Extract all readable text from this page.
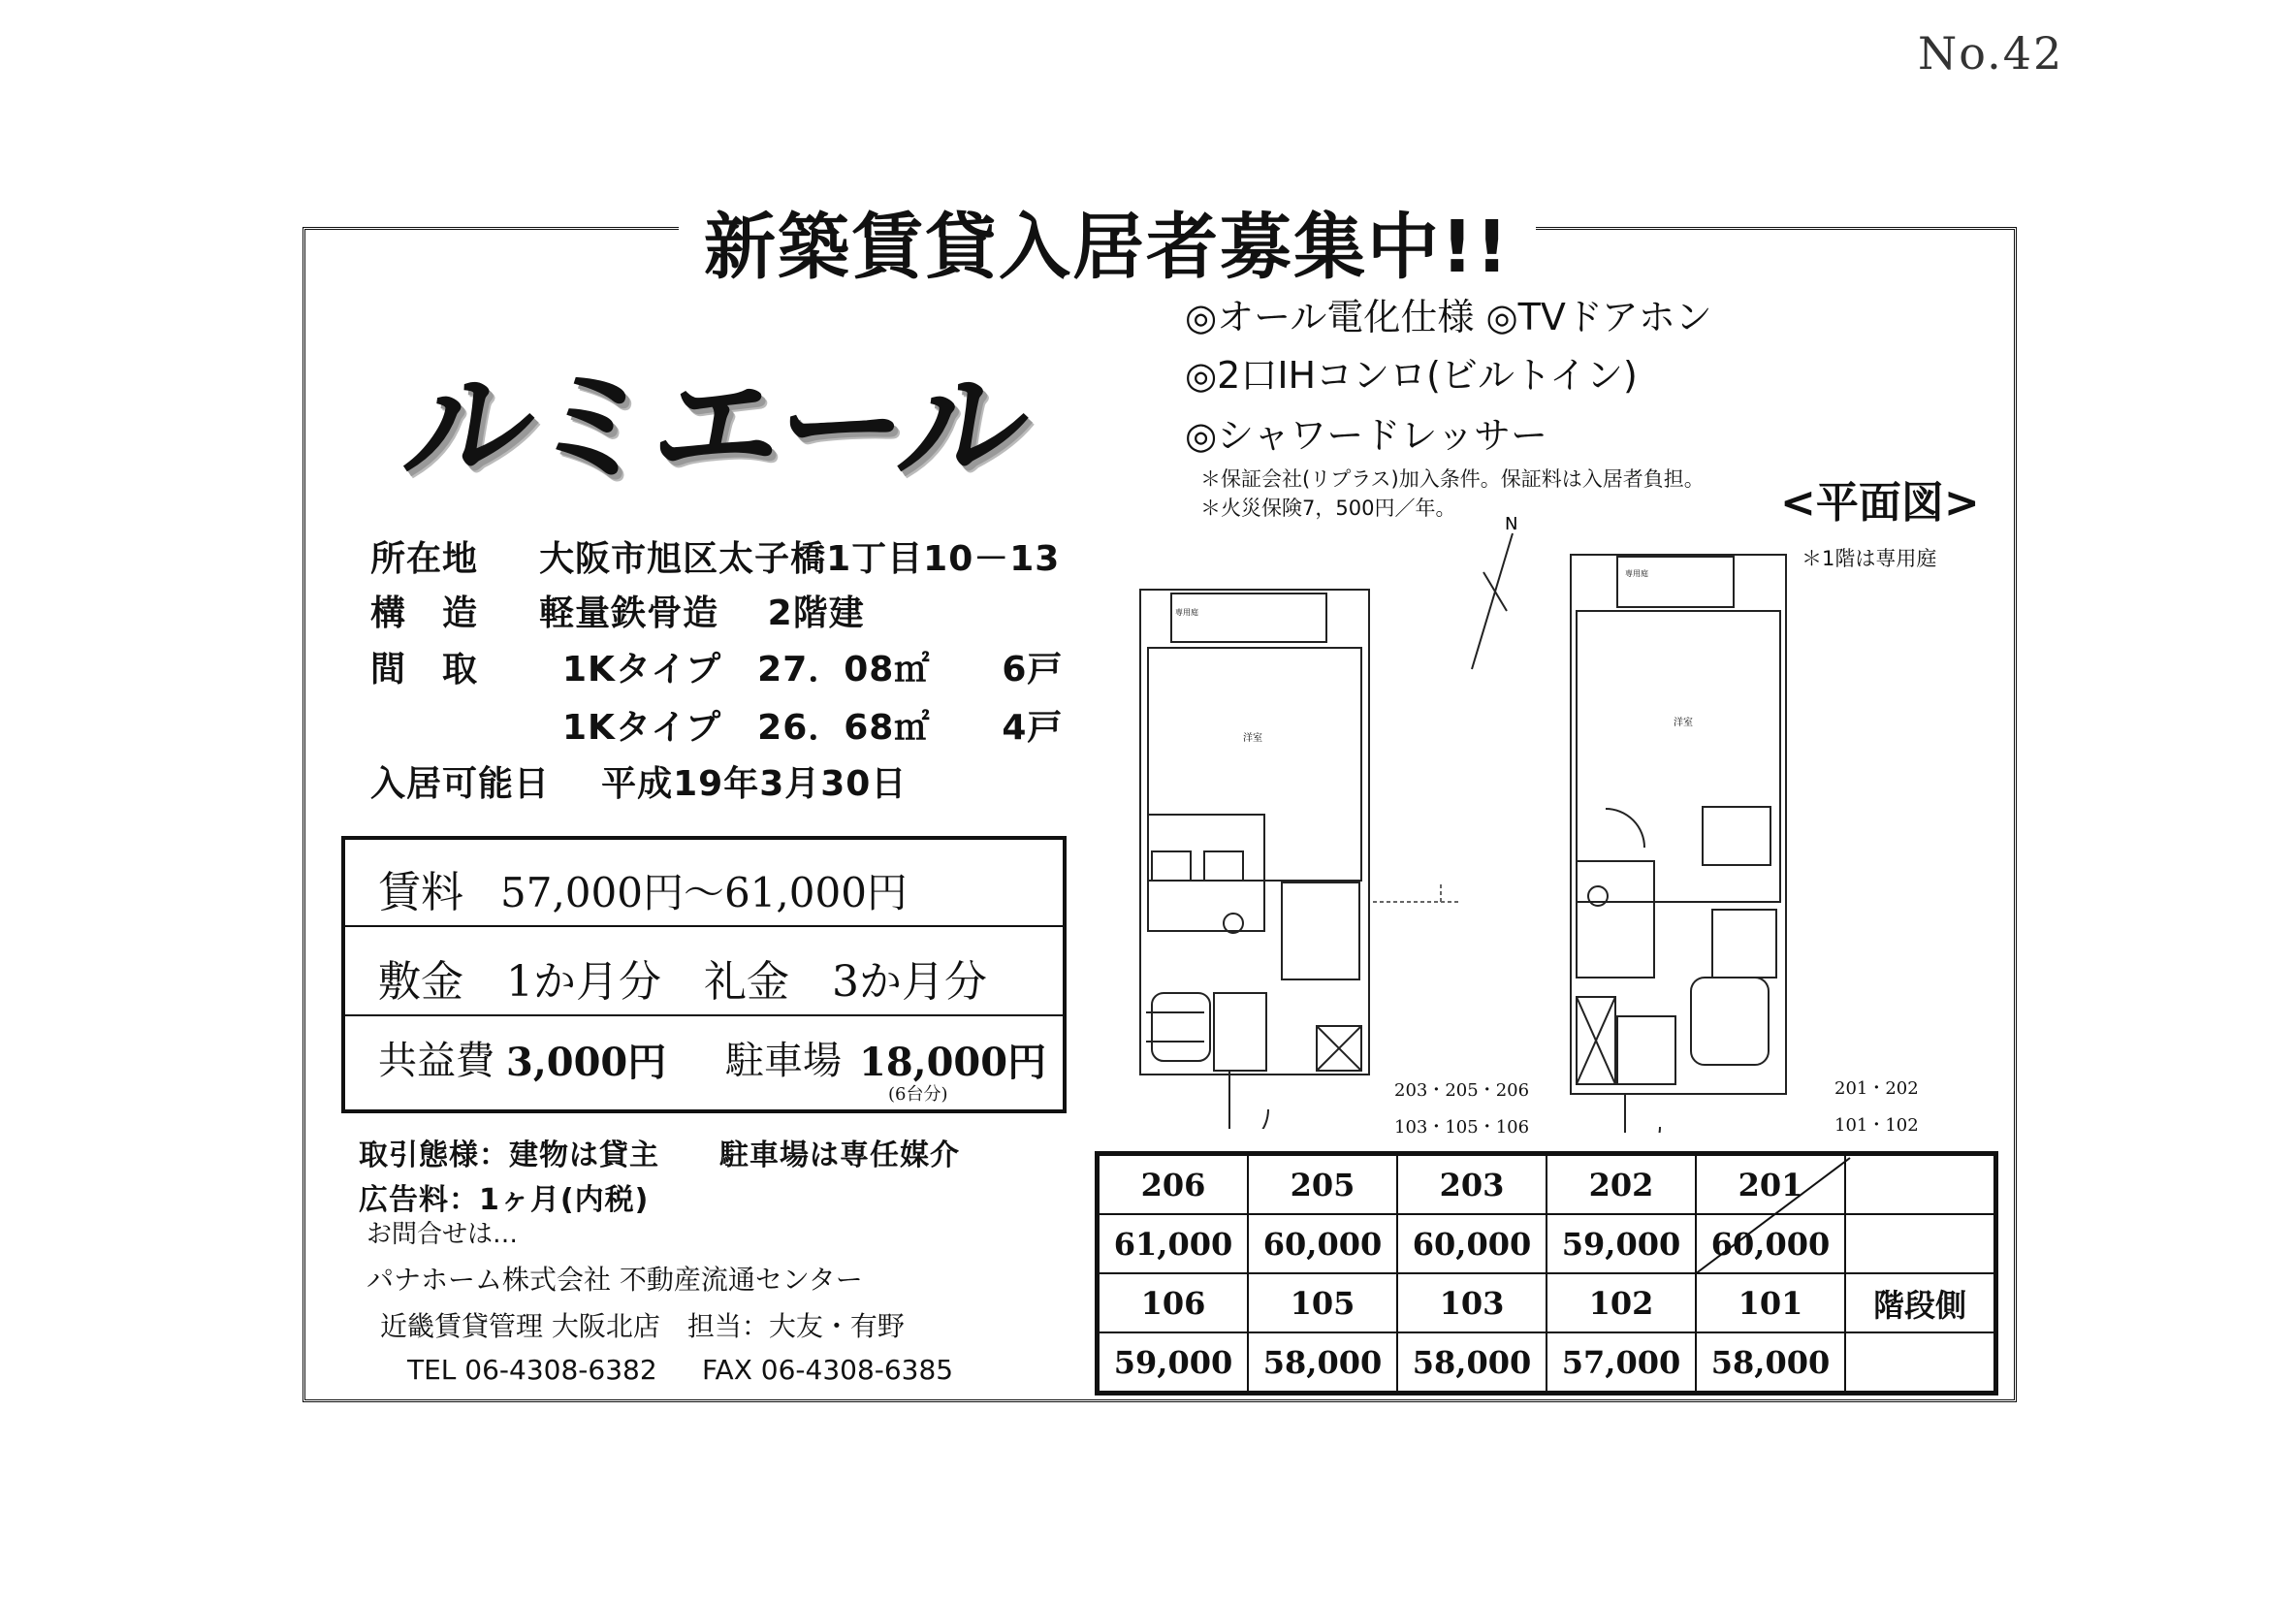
No.42
新築賃貸入居者募集中!!
ルミエール
◎オール電化仕様 ◎TVドアホン
◎2口IHコンロ(ビルトイン)
◎シャワードレッサー
＊保証会社(リプラス)加入条件。保証料は入居者負担。
＊火災保険7，500円／年。	<平面図>
＊1階は専用庭
所在地 大阪市旭区太子橋1丁目10－13
構　造 軽量鉄骨造　 2階建
間　取 1Kタイプ　27．08㎡　　6戸
1Kタイプ　26．68㎡　　4戸
入居可能日 平成19年3月30日
賃料 57,000円～61,000円
敷金　1か月分　礼金　3か月分
共益費 3,000円 駐車場 18,000円
(6台分)
取引態様：建物は貸主　　駐車場は専任媒介
広告料：1ヶ月(内税)
お問合せは…
パナホーム株式会社 不動産流通センター
近畿賃貸管理 大阪北店　担当：大友・有野
TEL 06-4308-6382 FAX 06-4308-6385
N
洋室
専用庭
洋室
専用庭
203・205・206
103・105・106
201・202
101・102
206	205	203	202	201	
61,000	60,000	60,000	59,000	60,000	
106	105	103	102	101	階段側
59,000	58,000	58,000	57,000	58,000	
